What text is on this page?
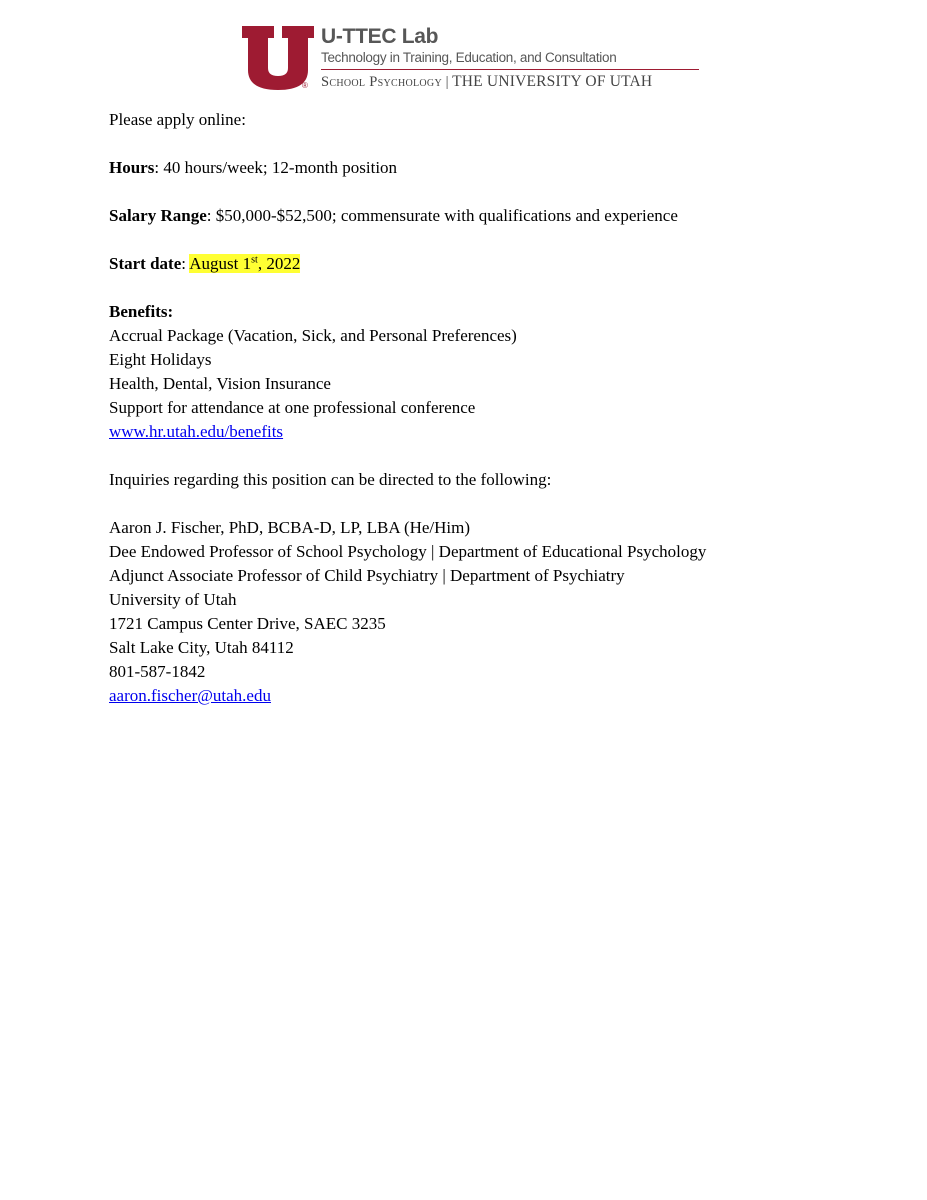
®
U-TTEC Lab
Technology in Training, Education, and Consultation
School Psychology | THE UNIVERSITY OF UTAH

Please apply online:

Hours: 40 hours/week; 12-month position

Salary Range: $50,000-$52,500; commensurate with qualifications and experience

Start date: August 1st, 2022

Benefits:

Accrual Package (Vacation, Sick, and Personal Preferences)

Eight Holidays

Health, Dental, Vision Insurance

Support for attendance at one professional conference

www.hr.utah.edu/benefits

Inquiries regarding this position can be directed to the following:

Aaron J. Fischer, PhD, BCBA-D, LP, LBA (He/Him)

Dee Endowed Professor of School Psychology | Department of Educational Psychology

Adjunct Associate Professor of Child Psychiatry | Department of Psychiatry

University of Utah

1721 Campus Center Drive, SAEC 3235

Salt Lake City, Utah 84112

801-587-1842

aaron.fischer@utah.edu
